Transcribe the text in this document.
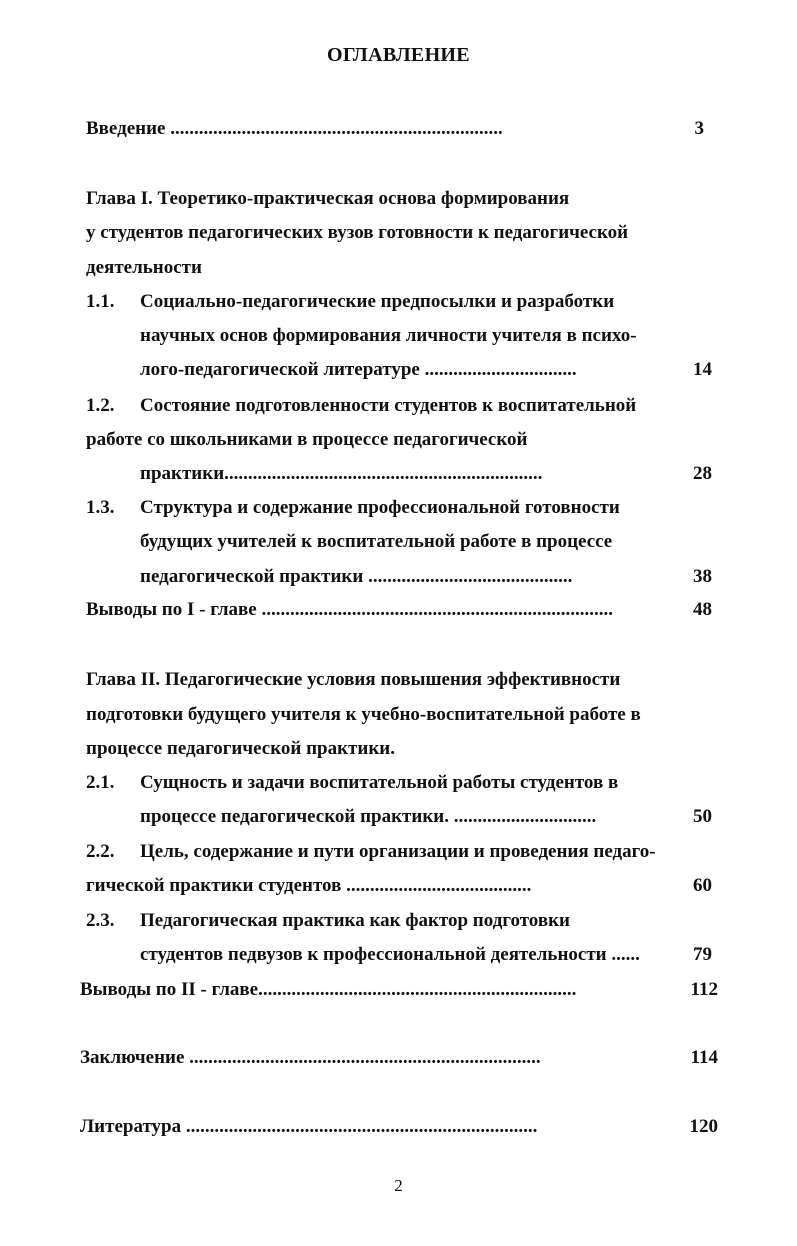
ОГЛАВЛЕНИЕ
Введение ......................................................................	3
Глава I. Теоретико-практическая основа формирования
у студентов педагогических вузов готовности к педагогической
деятельности
1.1. Социально-педагогические предпосылки и разработки
научных основ формирования личности учителя в психо-
лого-педагогической литературе ................................	14
1.2. Состояние подготовленности студентов к воспитательной
работе со школьниками в процессе педагогической
практики...................................................................	28
1.3. Структура и содержание профессиональной готовности
будущих учителей к воспитательной работе в процессе
педагогической практики ...........................................	38
Выводы по I - главе ..........................................................................	48
Глава II. Педагогические условия повышения эффективности
подготовки будущего учителя к учебно-воспитательной работе в
процессе педагогической практики.
2.1. Сущность и задачи воспитательной работы студентов в
процессе педагогической практики. ..............................	50
2.2. Цель, содержание и пути организации и проведения педаго-
гической практики студентов .......................................	60
2.3. Педагогическая практика как фактор подготовки
студентов педвузов к профессиональной деятельности ......	79
Выводы по II - главе...................................................................	112
Заключение ..........................................................................	114
Литература ..........................................................................	120
2
